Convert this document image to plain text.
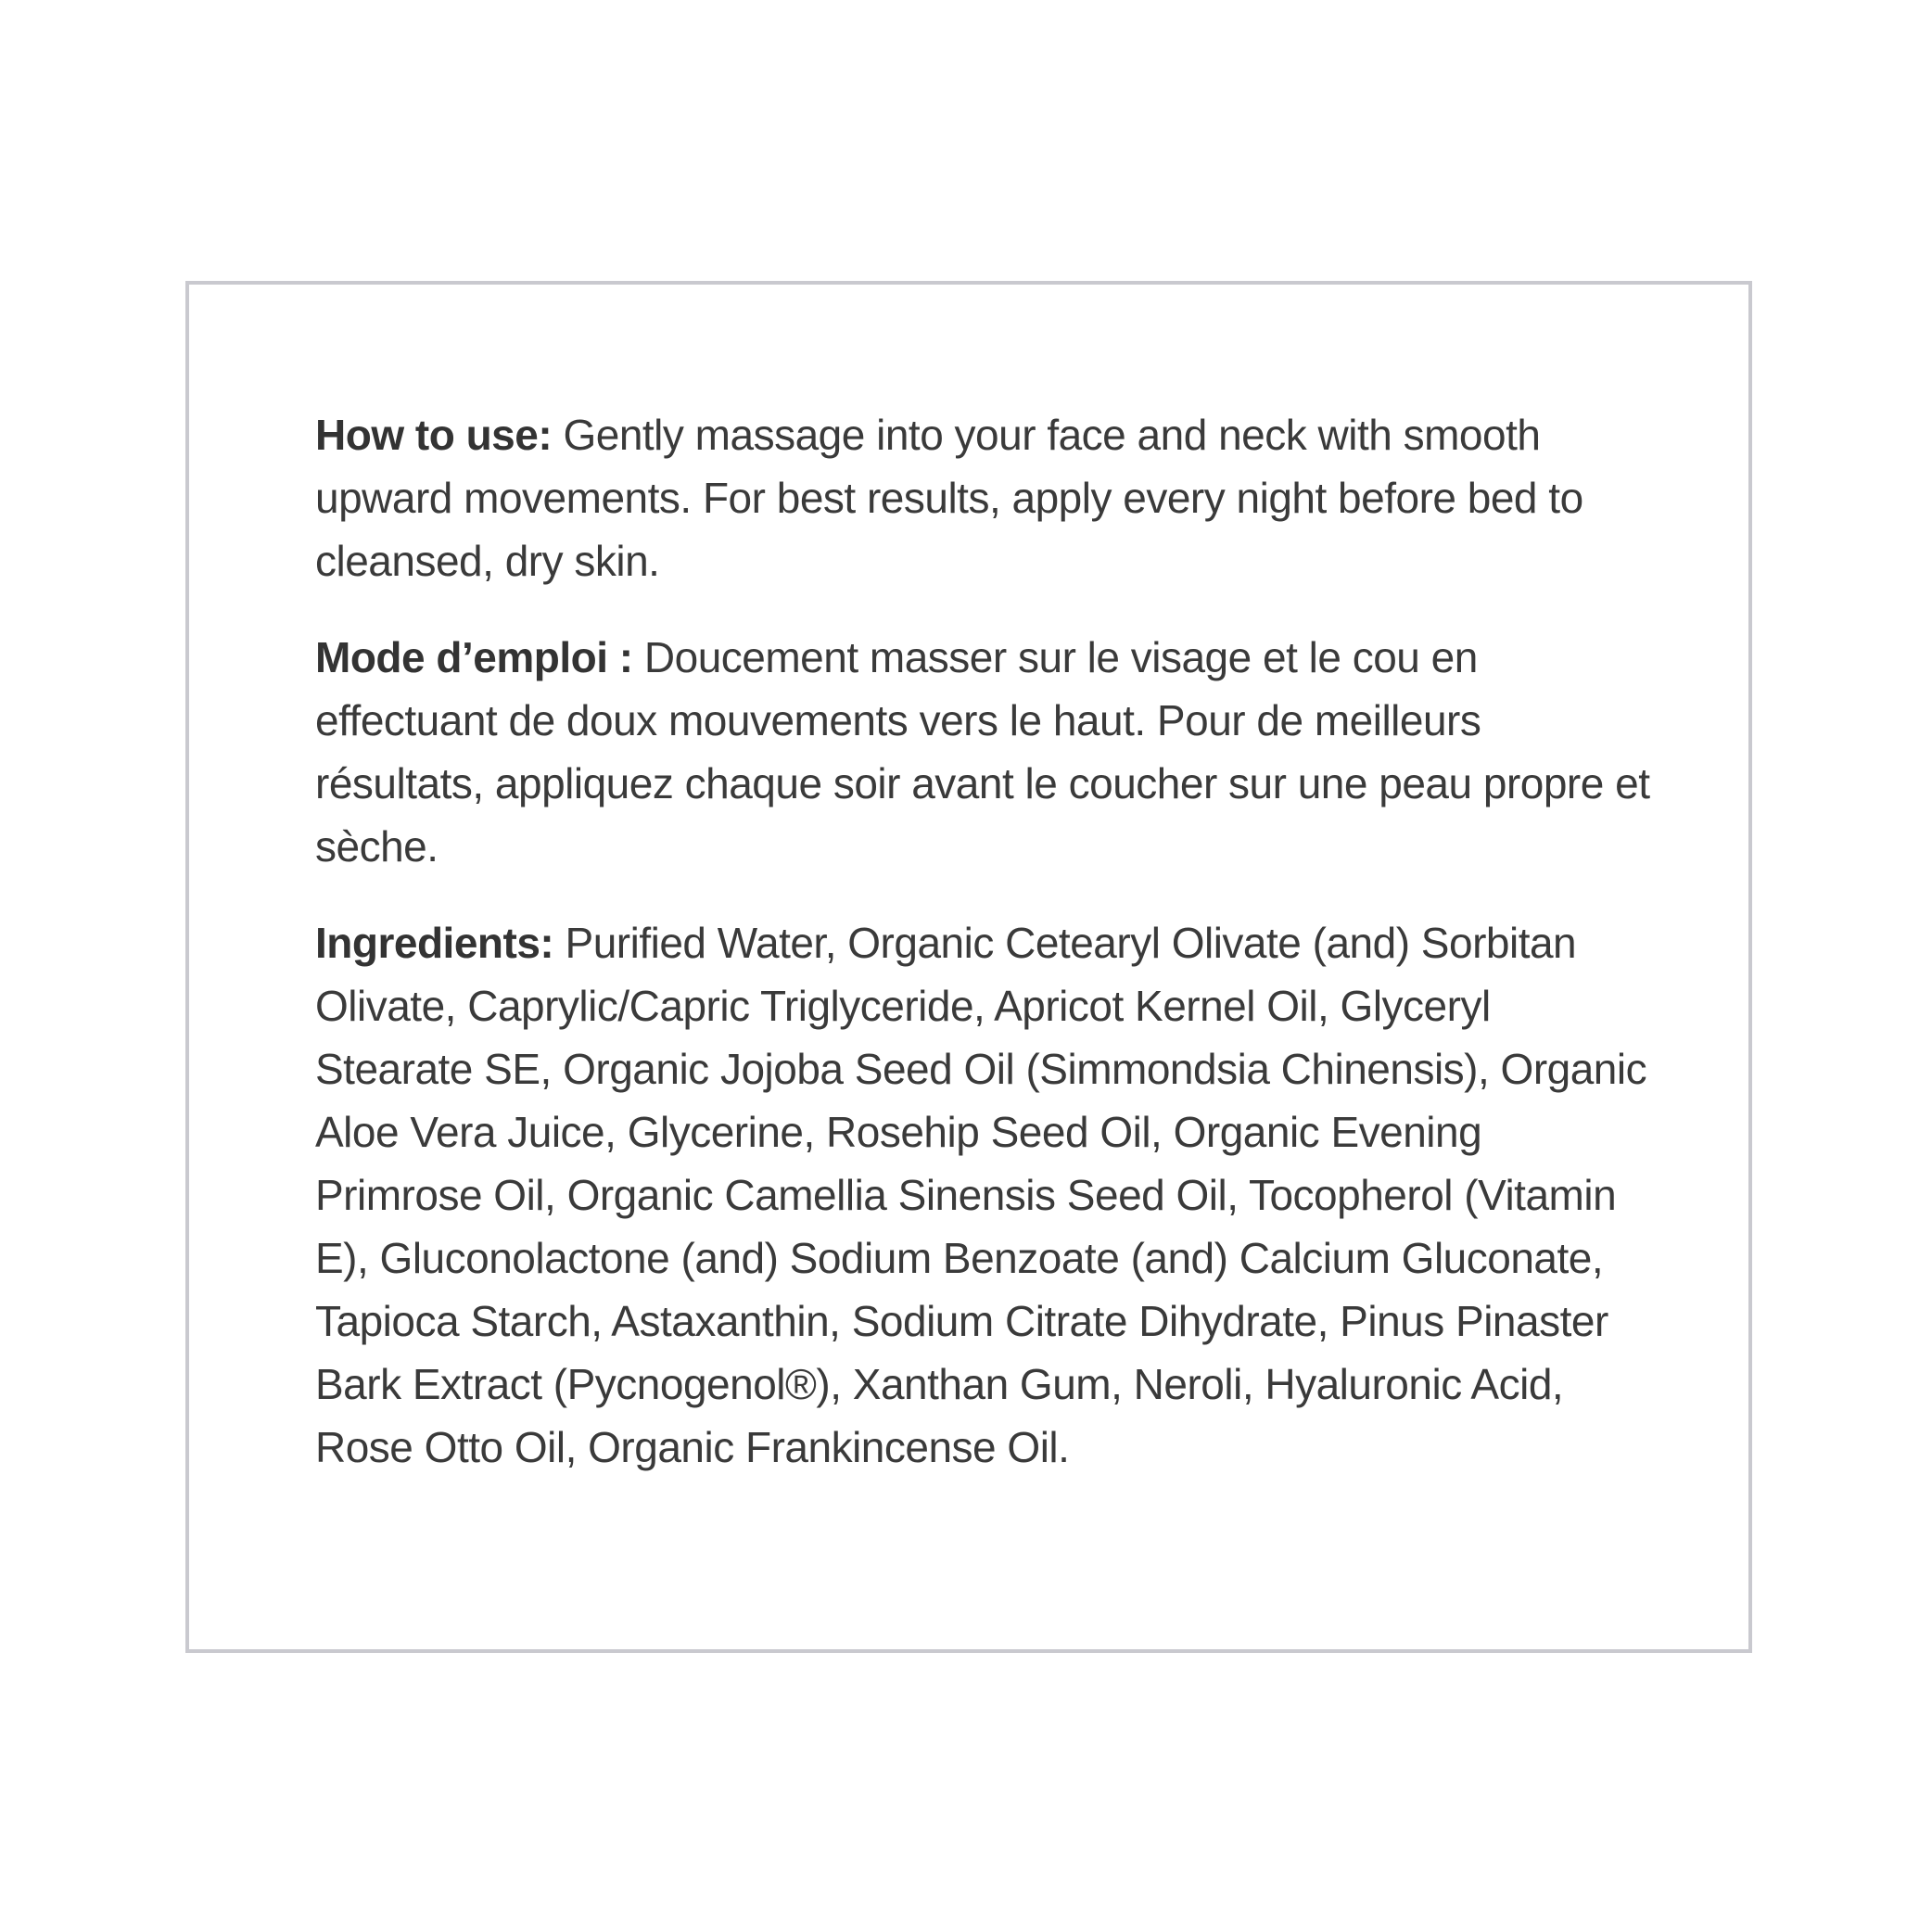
How to use: Gently massage into your face and neck with smooth upward movements. For best results, apply every night before bed to cleansed, dry skin.

Mode d’emploi : Doucement masser sur le visage et le cou en effectuant de doux mouvements vers le haut. Pour de meilleurs résultats, appliquez chaque soir avant le coucher sur une peau propre et sèche.

Ingredients: Purified Water, Organic Cetearyl Olivate (and) Sorbitan Olivate, Caprylic/Capric Triglyceride, Apricot Kernel Oil, Glyceryl Stearate SE, Organic Jojoba Seed Oil (Simmondsia Chinensis), Organic Aloe Vera Juice, Glycerine, Rosehip Seed Oil, Organic Evening Primrose Oil, Organic Camellia Sinensis Seed Oil, Tocopherol (Vitamin E), Gluconolactone (and) Sodium Benzoate (and) Calcium Gluconate, Tapioca Starch, Astaxanthin, Sodium Citrate Dihydrate, Pinus Pinaster Bark Extract (Pycnogenol®), Xanthan Gum, Neroli, Hyaluronic Acid, Rose Otto Oil, Organic Frankincense Oil.
